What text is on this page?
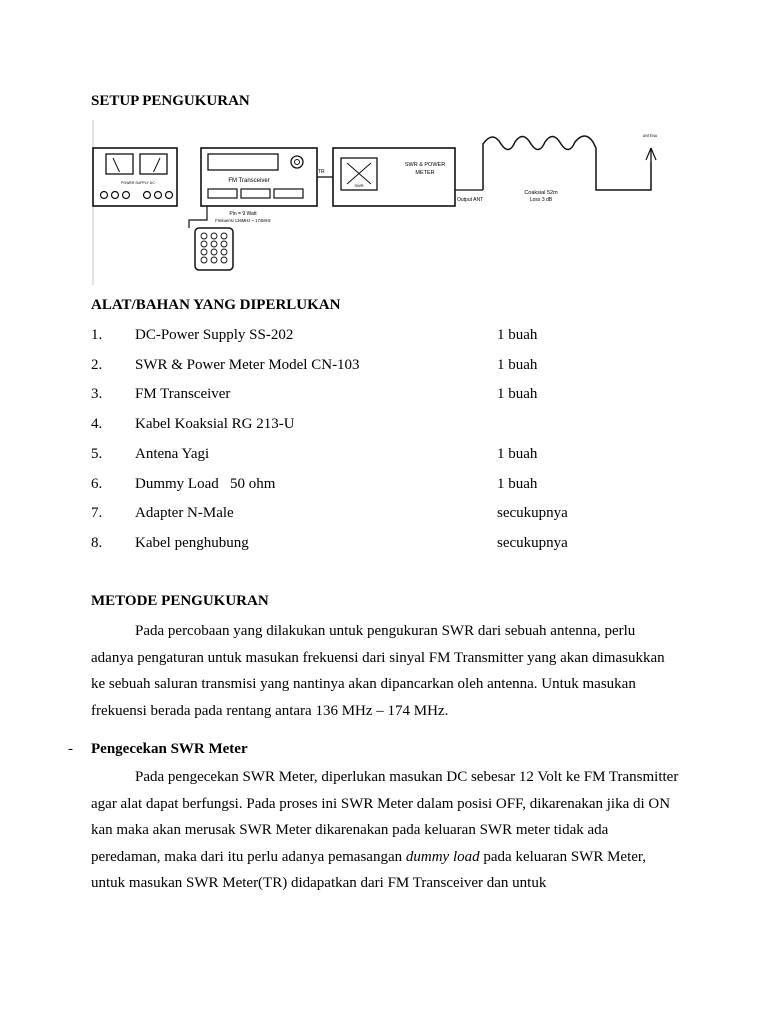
SETUP PENGUKURAN
POWER SUPPLY DC	FM Transceiver
Pin = 9 Watt
Frekuensi 136MHz ~ 174MHz
TR
SWR
SWR & POWER
METER
Output ANT
Coaksial 52m
Loss 3 dB
ANTENA
ALAT/BAHAN YANG DIPERLUKAN
1. DC-Power Supply SS-202	1 buah
2. SWR & Power Meter Model CN-103	1 buah
3. FM Transceiver	1 buah
4. Kabel Koaksial RG 213-U
5. Antena Yagi	1 buah
6. Dummy Load   50 ohm	1 buah
7. Adapter N-Male	secukupnya
8. Kabel penghubung	secukupnya
METODE PENGUKURAN

Pada percobaan yang dilakukan untuk pengukuran SWR dari sebuah antenna, perlu adanya pengaturan untuk masukan frekuensi dari sinyal FM Transmitter yang akan dimasukkan ke sebuah saluran transmisi yang nantinya akan dipancarkan oleh antenna. Untuk masukan frekuensi berada pada rentang antara 136 MHz – 174 MHz.

- Pengecekan SWR Meter

Pada pengecekan SWR Meter, diperlukan masukan DC sebesar 12 Volt ke FM Transmitter agar alat dapat berfungsi. Pada proses ini SWR Meter dalam posisi OFF, dikarenakan jika di ON kan maka akan merusak SWR Meter dikarenakan pada keluaran SWR meter tidak ada peredaman, maka dari itu perlu adanya pemasangan dummy load pada keluaran SWR Meter, untuk masukan SWR Meter(TR) didapatkan dari FM Transceiver dan untuk
